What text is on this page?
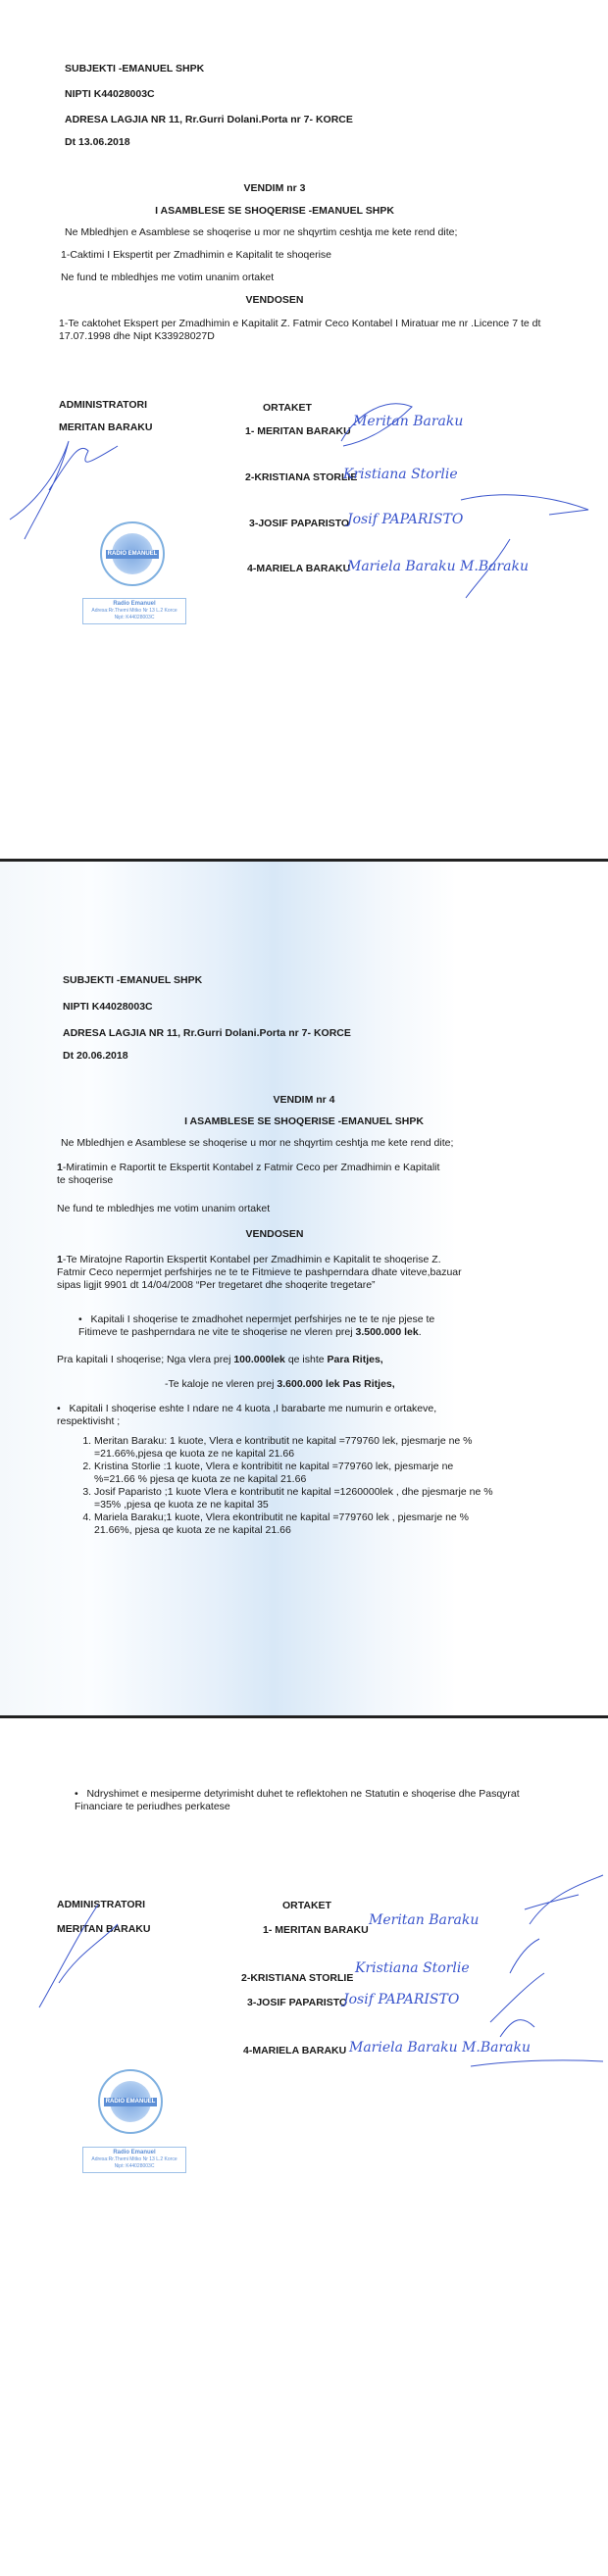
SUBJEKTI -EMANUEL SHPK
NIPTI K44028003C
ADRESA LAGJIA NR 11, Rr.Gurri Dolani.Porta nr 7- KORCE
Dt 13.06.2018
VENDIM nr 3
I ASAMBLESE SE SHOQERISE -EMANUEL SHPK
Ne Mbledhjen e Asamblese se shoqerise u mor ne shqyrtim ceshtja me kete rend dite;
1-Caktimi I Ekspertit per Zmadhimin e Kapitalit te shoqerise
Ne fund te mbledhjes me votim unanim ortaket
VENDOSEN
1-Te caktohet Ekspert per Zmadhimin e Kapitalit Z. Fatmir Ceco Kontabel I Miratuar me nr .Licence 7 te dt 17.07.1998 dhe Nipt K33928027D
ADMINISTRATORI
MERITAN BARAKU
ORTAKET
1- MERITAN BARAKU
2-KRISTIANA STORLIE
3-JOSIF PAPARISTO
4-MARIELA BARAKU
Meritan Baraku
Kristiana Storlie
Josif PAPARISTO
Mariela Baraku M.Baraku
RADIO EMANUEL
Radio Emanuel
Adresa:Rr.Themi Mitko Nr 13 L.2 Korce
Nipt: K44028003C
SUBJEKTI -EMANUEL SHPK
NIPTI K44028003C
ADRESA LAGJIA NR 11, Rr.Gurri Dolani.Porta nr 7- KORCE
Dt 20.06.2018
VENDIM nr 4
I ASAMBLESE SE SHOQERISE -EMANUEL SHPK
Ne Mbledhjen e Asamblese se shoqerise u mor ne shqyrtim ceshtja me kete rend dite;
1-Miratimin e Raportit te Ekspertit Kontabel z Fatmir Ceco per Zmadhimin e Kapitalit te shoqerise
Ne fund te mbledhjes me votim unanim ortaket
VENDOSEN
1-Te Miratojne Raportin Ekspertit Kontabel per Zmadhimin e Kapitalit te shoqerise Z. Fatmir Ceco nepermjet perfshirjes ne te te Fitmieve te pashperndara dhate viteve,bazuar sipas ligjit 9901 dt 14/04/2008 “Per tregetaret dhe shoqerite tregetare”
•   Kapitali I shoqerise te zmadhohet nepermjet perfshirjes ne te te nje pjese te Fitimeve te pashperndara ne vite te shoqerise ne vleren prej 3.500.000 lek.
Pra kapitali I shoqerise; Nga vlera prej 100.000lek qe ishte Para Ritjes,
-Te kaloje ne vleren prej 3.600.000 lek Pas Ritjes,
•   Kapitali I shoqerise eshte I ndare ne 4 kuota ,I barabarte me numurin e ortakeve, respektivisht ;
1. Meritan Baraku: 1 kuote, Vlera e kontributit ne kapital =779760 lek, pjesmarje ne % =21.66%,pjesa qe kuota ze ne kapital 21.66
2. Kristina Storlie :1 kuote, Vlera e kontribitit ne kapital =779760 lek, pjesmarje ne %=21.66 % pjesa qe kuota ze ne kapital 21.66
3. Josif Paparisto ;1 kuote Vlera e kontributit ne kapital =1260000lek , dhe pjesmarje ne % =35% ,pjesa qe kuota ze ne kapital 35
4. Mariela Baraku;1 kuote, Vlera ekontributit ne kapital =779760 lek , pjesmarje ne % 21.66%, pjesa qe kuota ze ne kapital 21.66
•   Ndryshimet e mesiperme detyrimisht duhet te reflektohen ne Statutin e shoqerise dhe Pasqyrat Financiare te periudhes perkatese
ADMINISTRATORI
MERITAN BARAKU
ORTAKET
1- MERITAN BARAKU
2-KRISTIANA STORLIE
3-JOSIF PAPARISTO
4-MARIELA BARAKU
Meritan Baraku
Kristiana Storlie
Josif PAPARISTO
Mariela Baraku M.Baraku
RADIO EMANUEL
Radio Emanuel
Adresa:Rr.Themi Mitko Nr 13 L.2 Korce
Nipt: K44028003C
